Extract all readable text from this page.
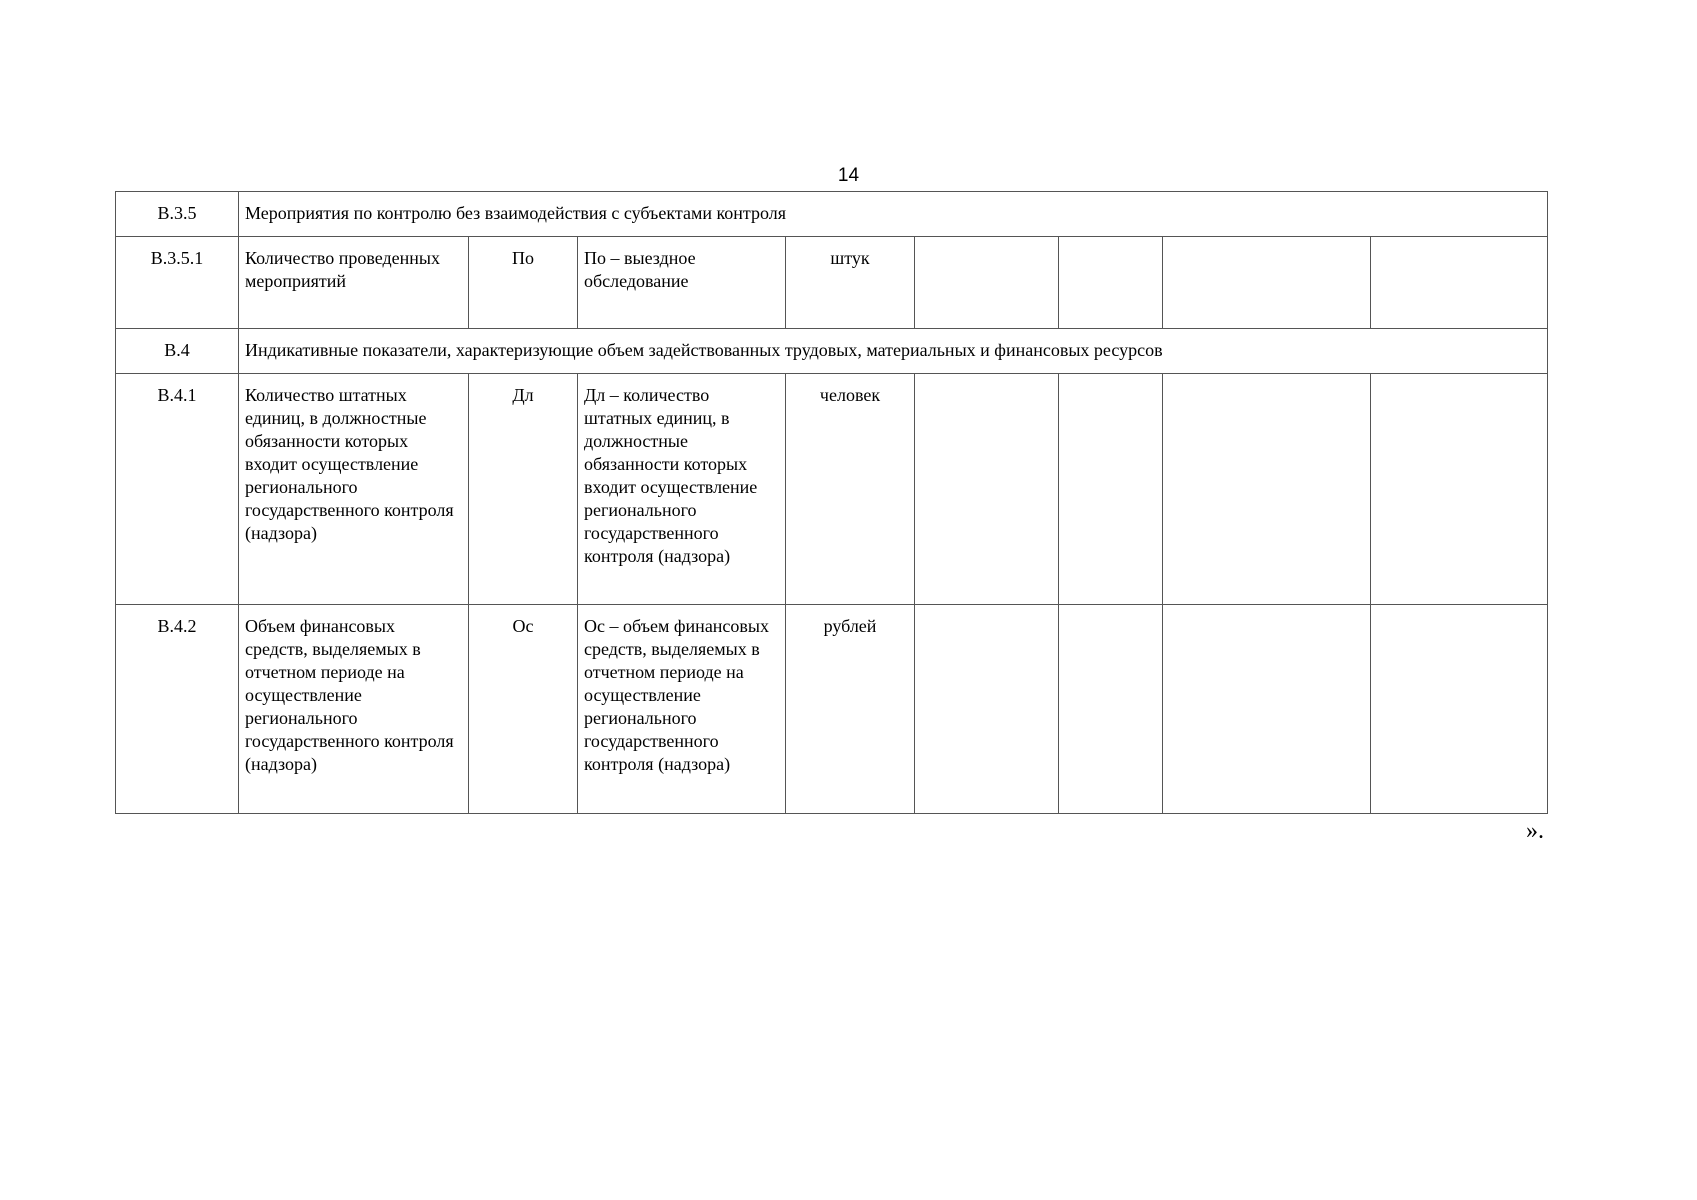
14
В.3.5	Мероприятия по контролю без взаимодействия с субъектами контроля							
В.3.5.1	Количество проведенных мероприятий	По	По – выездное обследование	штук				
В.4	Индикативные показатели, характеризующие объем задействованных трудовых, материальных и финансовых ресурсов							
В.4.1	Количество штатных единиц, в должностные обязанности которых входит осуществление регионального государственного контроля (надзора)	Дл	Дл – количество штатных единиц, в должностные обязанности которых входит осуществление регионального государственного контроля (надзора)	человек				
В.4.2	Объем финансовых средств, выделяемых в отчетном периоде на осуществление регионального государственного контроля (надзора)	Ос	Ос – объем финансовых средств, выделяемых в отчетном периоде на осуществление регионального государственного контроля (надзора)	рублей				
».
